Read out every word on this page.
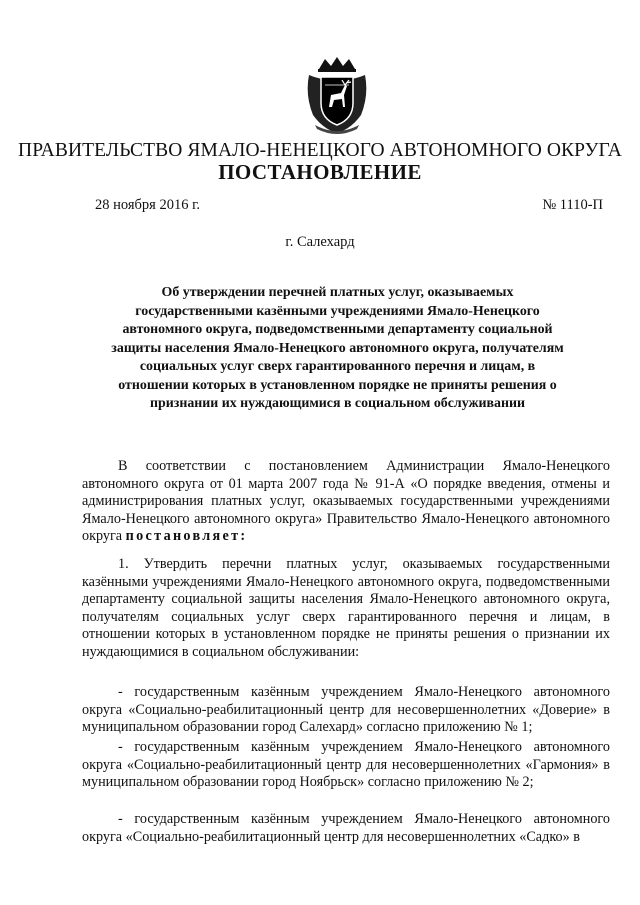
ПРАВИТЕЛЬСТВО ЯМАЛО-НЕНЕЦКОГО АВТОНОМНОГО ОКРУГА
ПОСТАНОВЛЕНИЕ
28 ноября 2016 г.	№ 1110-П
г. Салехард

Об утверждении перечней платных услуг, оказываемых государственными казёнными учреждениями Ямало-Ненецкого автономного округа, подведомственными департаменту социальной защиты населения Ямало-Ненецкого автономного округа, получателям социальных услуг сверх гарантированного перечня и лицам, в отношении которых в установленном порядке не приняты решения о признании их нуждающимися в социальном обслуживании

В соответствии с постановлением Администрации Ямало-Ненецкого автономного округа от 01 марта 2007 года № 91-А «О порядке введения, отмены и администрирования платных услуг, оказываемых государственными учреждениями Ямало-Ненецкого автономного округа» Правительство Ямало-Ненецкого автономного округа постановляет:

1. Утвердить перечни платных услуг, оказываемых государственными казёнными учреждениями Ямало-Ненецкого автономного округа, подведомственными департаменту социальной защиты населения Ямало-Ненецкого автономного округа, получателям социальных услуг сверх гарантированного перечня и лицам, в отношении которых в установленном порядке не приняты решения о признании их нуждающимися в социальном обслуживании:

- государственным казённым учреждением Ямало-Ненецкого автономного округа «Социально-реабилитационный центр для несовершеннолетних «Доверие» в муниципальном образовании город Салехард» согласно приложению № 1;

- государственным казённым учреждением Ямало-Ненецкого автономного округа «Социально-реабилитационный центр для несовершеннолетних «Гармония» в муниципальном образовании город Ноябрьск» согласно приложению № 2;

- государственным казённым учреждением Ямало-Ненецкого автономного округа «Социально-реабилитационный центр для несовершеннолетних «Садко» в
